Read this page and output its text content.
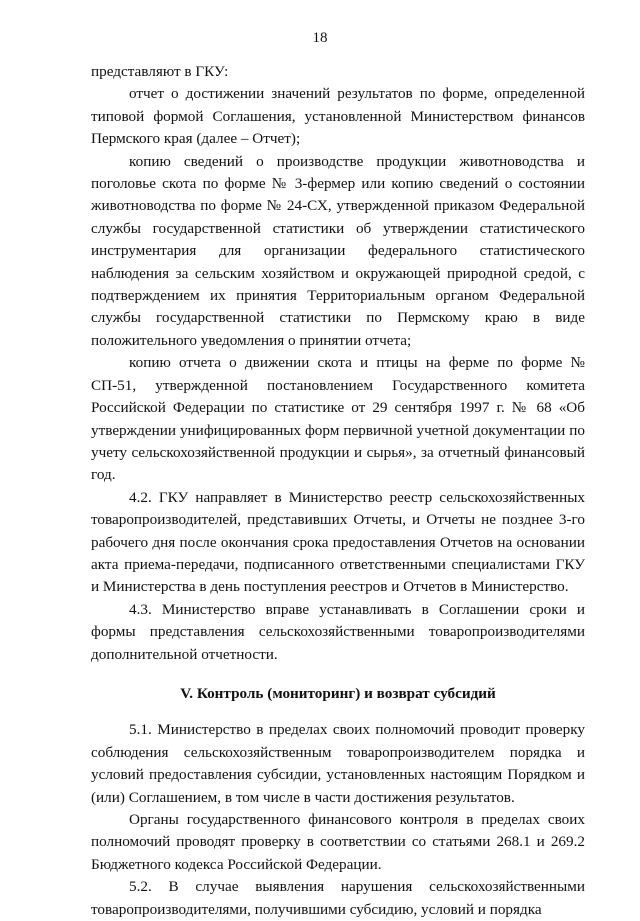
18

представляют в ГКУ:

отчет о достижении значений результатов по форме, определенной типовой формой Соглашения, установленной Министерством финансов Пермского края (далее – Отчет);

копию сведений о производстве продукции животноводства и поголовье скота по форме № 3-фермер или копию сведений о состоянии животноводства по форме № 24-СХ, утвержденной приказом Федеральной службы государственной статистики об утверждении статистического инструментария для организации федерального статистического наблюдения за сельским хозяйством и окружающей природной средой, с подтверждением их принятия Территориальным органом Федеральной службы государственной статистики по Пермскому краю в виде положительного уведомления о принятии отчета;

копию отчета о движении скота и птицы на ферме по форме № СП-51, утвержденной постановлением Государственного комитета Российской Федерации по статистике от 29 сентября 1997 г. № 68 «Об утверждении унифицированных форм первичной учетной документации по учету сельскохозяйственной продукции и сырья», за отчетный финансовый год.

4.2. ГКУ направляет в Министерство реестр сельскохозяйственных товаропроизводителей, представивших Отчеты, и Отчеты не позднее 3-го рабочего дня после окончания срока предоставления Отчетов на основании акта приема-передачи, подписанного ответственными специалистами ГКУ и Министерства в день поступления реестров и Отчетов в Министерство.

4.3. Министерство вправе устанавливать в Соглашении сроки и формы представления сельскохозяйственными товаропроизводителями дополнительной отчетности.

V. Контроль (мониторинг) и возврат субсидий

5.1. Министерство в пределах своих полномочий проводит проверку соблюдения сельскохозяйственным товаропроизводителем порядка и условий предоставления субсидии, установленных настоящим Порядком и (или) Соглашением, в том числе в части достижения результатов.

Органы государственного финансового контроля в пределах своих полномочий проводят проверку в соответствии со статьями 268.1 и 269.2 Бюджетного кодекса Российской Федерации.

5.2. В случае выявления нарушения сельскохозяйственными товаропроизводителями, получившими субсидию, условий и порядка
